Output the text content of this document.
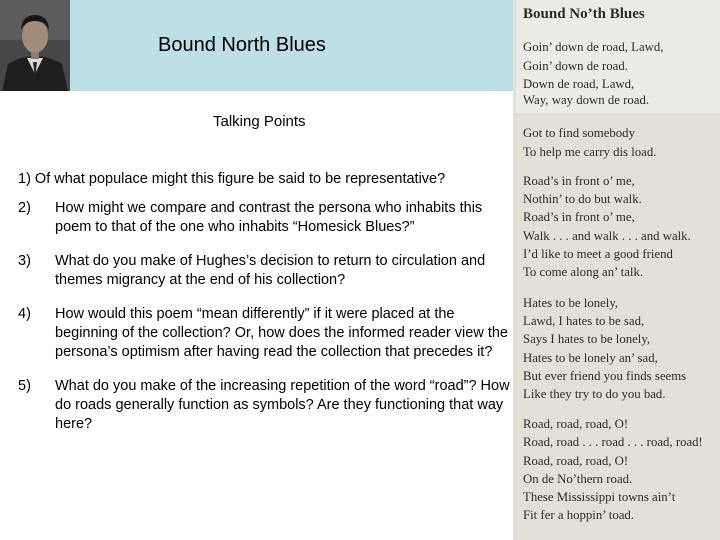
Bound North Blues
Talking Points
1) Of what populace might this figure be said to be representative?
2)	How might we compare and contrast the persona who inhabits this poem to that of the one who inhabits “Homesick Blues?”
3)	What do you make of Hughes’s decision to return to circulation and themes migrancy at the end of his collection?
4)	How would this poem “mean differently” if it were placed at the beginning of the collection? Or, how does the informed reader view the persona’s optimism after having read the collection that precedes it?
5)	What do you make of the increasing repetition of the word “road”? How do roads generally function as symbols? Are they functioning that way here?
Bound No’th Blues
Goin’ down de road, Lawd,
Goin’ down de road.
Down de road, Lawd,
Way, way down de road.
Got to find somebody
To help me carry dis load.
Road’s in front o’ me,
Nothin’ to do but walk.
Road’s in front o’ me,
Walk . . . and walk . . . and walk.
I’d like to meet a good friend
To come along an’ talk.
Hates to be lonely,
Lawd, I hates to be sad,
Says I hates to be lonely,
Hates to be lonely an’ sad,
But ever friend you finds seems
Like they try to do you bad.
Road, road, road, O!
Road, road . . . road . . . road, road!
Road, road, road, O!
On de No’thern road.
These Mississippi towns ain’t
Fit fer a hoppin’ toad.
